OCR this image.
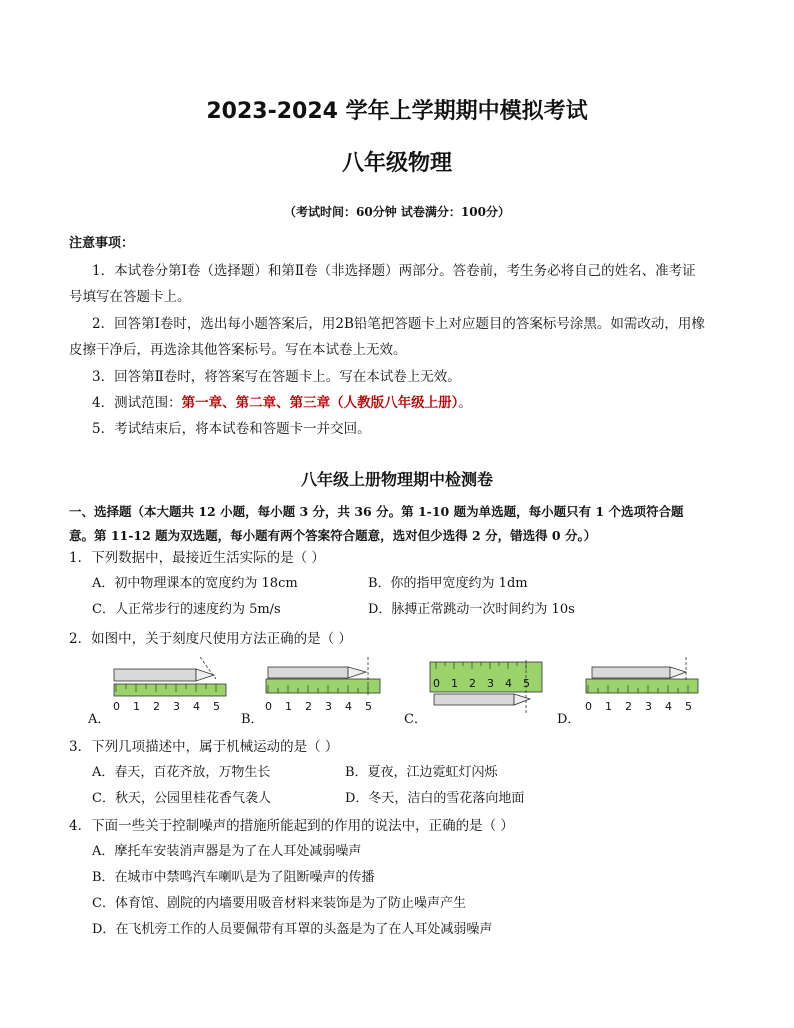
2023-2024 学年上学期期中模拟考试
八年级物理
（考试时间：60分钟 试卷满分：100分）
注意事项：
1．本试卷分第Ⅰ卷（选择题）和第Ⅱ卷（非选择题）两部分。答卷前，考生务必将自己的姓名、准考证
号填写在答题卡上。
2．回答第Ⅰ卷时，选出每小题答案后，用2B铅笔把答题卡上对应题目的答案标号涂黑。如需改动，用橡
皮擦干净后，再选涂其他答案标号。写在本试卷上无效。
3．回答第Ⅱ卷时，将答案写在答题卡上。写在本试卷上无效。
4．测试范围：第一章、第二章、第三章（人教版八年级上册）。
5．考试结束后，将本试卷和答题卡一并交回。
八年级上册物理期中检测卷
一、选择题（本大题共 12 小题，每小题 3 分，共 36 分。第 1-10 题为单选题，每小题只有 1 个选项符合题
意。第 11-12 题为双选题，每小题有两个答案符合题意，选对但少选得 2 分，错选得 0 分。）
1．下列数据中，最接近生活实际的是（ ）
A．初中物理课本的宽度约为 18cm	B．你的指甲宽度约为 1dm
C．人正常步行的速度约为 5m/s	D．脉搏正常跳动一次时间约为 10s
2．如图中，关于刻度尺使用方法正确的是（ ）
A．
0 1 2 3 4 5
B．
0 1 2 3 4 5
C．
0 1 2 3 4 5
D．
0 1 2 3 4 5
3．下列几项描述中，属于机械运动的是（ ）
A．春天，百花齐放，万物生长	B．夏夜，江边霓虹灯闪烁
C．秋天，公园里桂花香气袭人	D．冬天，洁白的雪花落向地面
4．下面一些关于控制噪声的措施所能起到的作用的说法中，正确的是（ ）
A．摩托车安装消声器是为了在人耳处减弱噪声
B．在城市中禁鸣汽车喇叭是为了阻断噪声的传播
C．体育馆、剧院的内墙要用吸音材料来装饰是为了防止噪声产生
D．在飞机旁工作的人员要佩带有耳罩的头盔是为了在人耳处减弱噪声
